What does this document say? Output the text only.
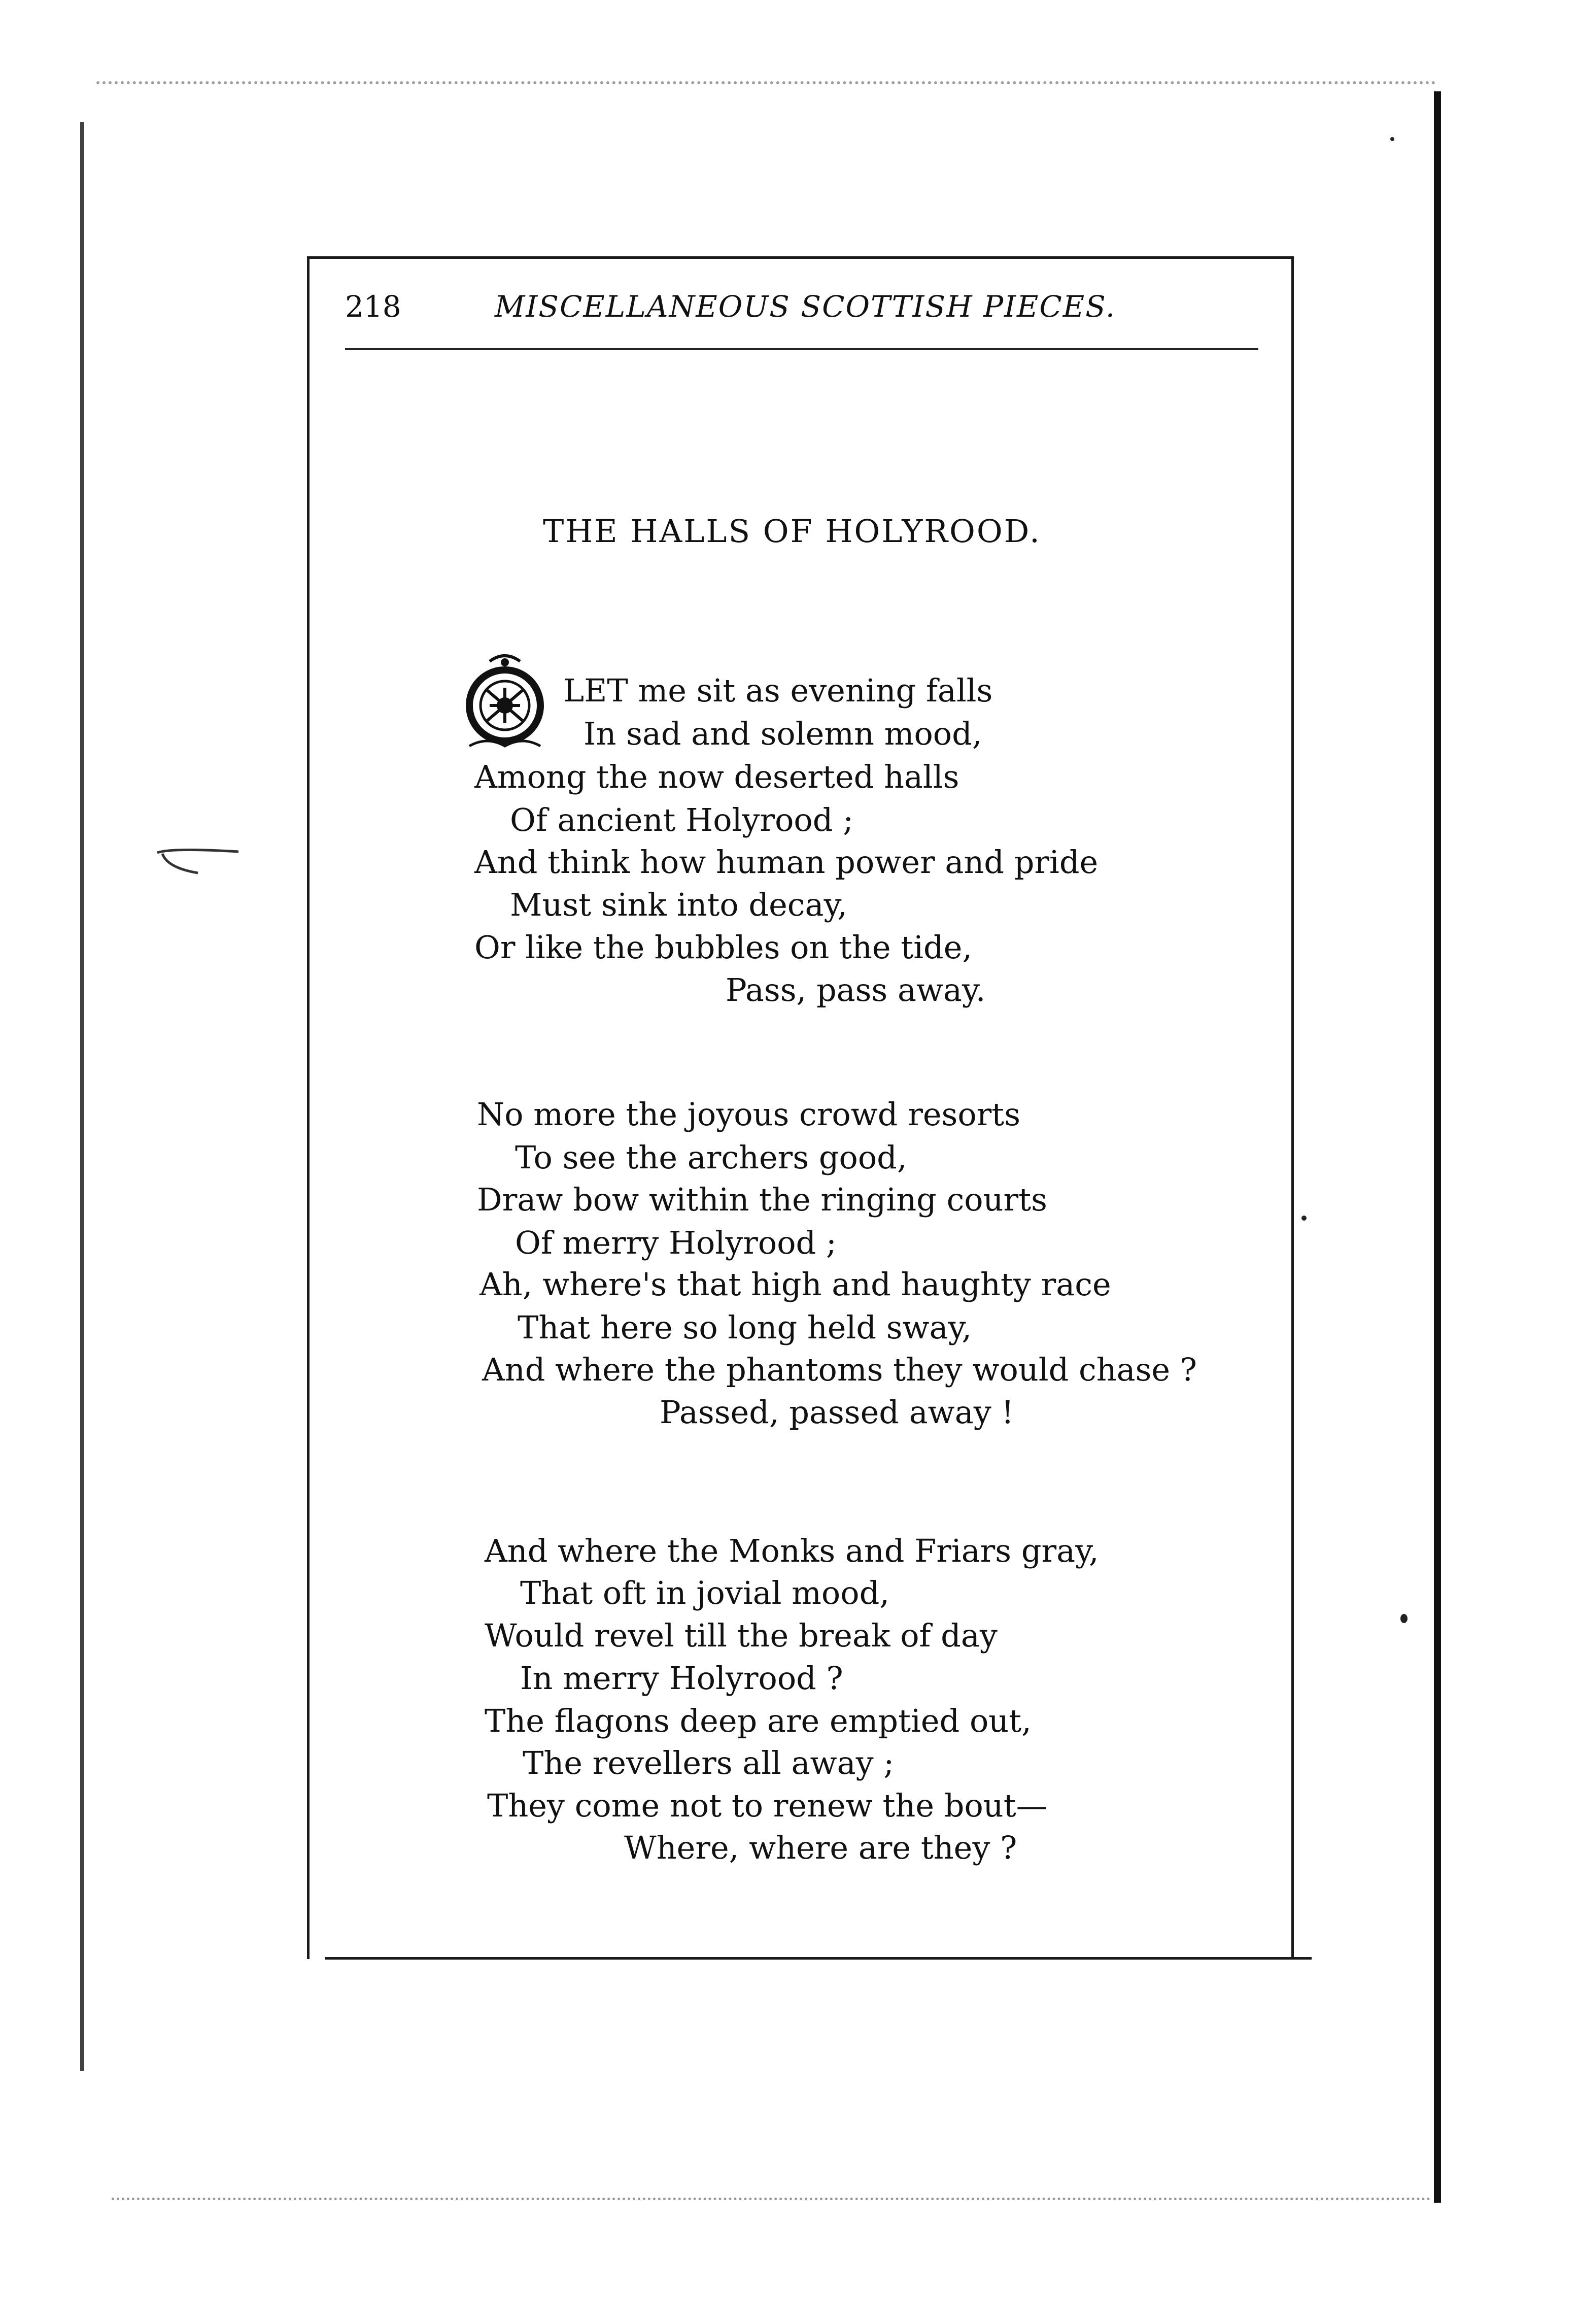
218	MISCELLANEOUS SCOTTISH PIECES.
THE HALLS OF HOLYROOD.
LET me sit as evening falls
In sad and solemn mood,
Among the now deserted halls
Of ancient Holyrood ;
And think how human power and pride
Must sink into decay,
Or like the bubbles on the tide,
Pass, pass away.
No more the joyous crowd resorts
To see the archers good,
Draw bow within the ringing courts
Of merry Holyrood ;
Ah, where's that high and haughty race
That here so long held sway,
And where the phantoms they would chase ?
Passed, passed away !
And where the Monks and Friars gray,
That oft in jovial mood,
Would revel till the break of day
In merry Holyrood ?
The flagons deep are emptied out,
The revellers all away ;
They come not to renew the bout—
Where, where are they ?
